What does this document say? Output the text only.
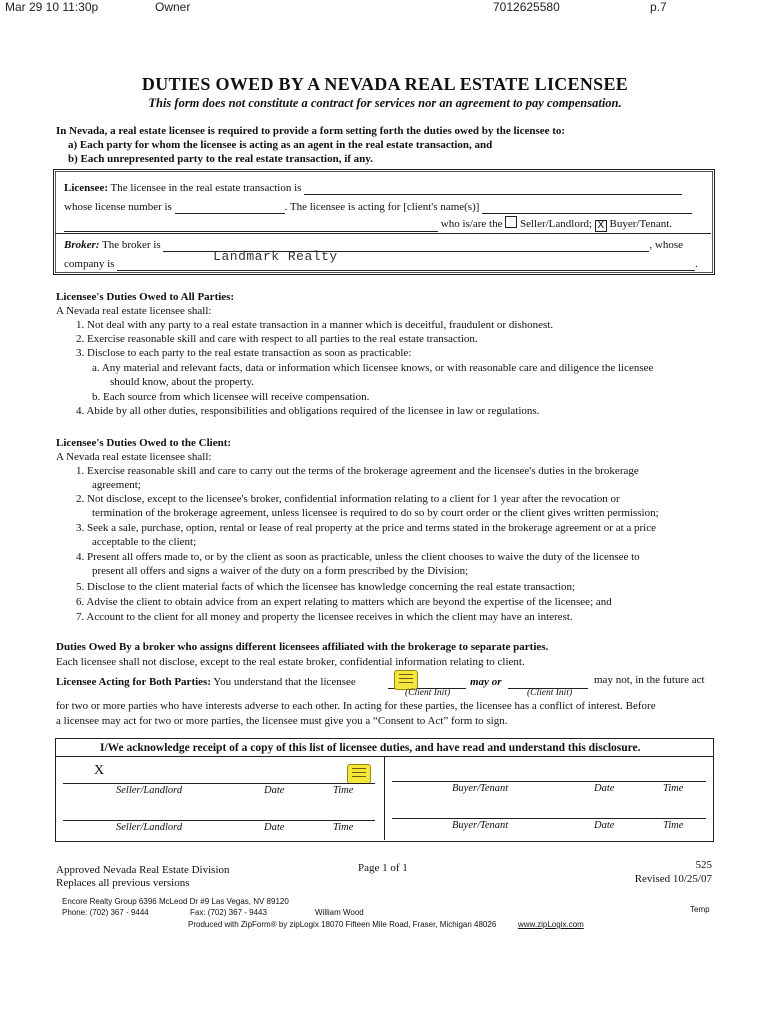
Mar 29 10 11:30p	Owner	7012625580	p.7
DUTIES OWED BY A NEVADA REAL ESTATE LICENSEE
This form does not constitute a contract for services nor an agreement to pay compensation.
In Nevada, a real estate licensee is required to provide a form setting forth the duties owed by the licensee to:
a) Each party for whom the licensee is acting as an agent in the real estate transaction, and
b) Each unrepresented party to the real estate transaction, if any.
Licensee: The licensee in the real estate transaction is
whose license number is	. The licensee is acting for [client's name(s)]
who is/are the Seller/Landlord; X Buyer/Tenant.
Broker: The broker is	, whose
company is	Landmark Realty	.
Licensee's Duties Owed to All Parties:
A Nevada real estate licensee shall:
1. Not deal with any party to a real estate transaction in a manner which is deceitful, fraudulent or dishonest.
2. Exercise reasonable skill and care with respect to all parties to the real estate transaction.
3. Disclose to each party to the real estate transaction as soon as practicable:
a. Any material and relevant facts, data or information which licensee knows, or with reasonable care and diligence the licensee
should know, about the property.
b. Each source from which licensee will receive compensation.
4. Abide by all other duties, responsibilities and obligations required of the licensee in law or regulations.
Licensee's Duties Owed to the Client:
A Nevada real estate licensee shall:
1. Exercise reasonable skill and care to carry out the terms of the brokerage agreement and the licensee's duties in the brokerage
agreement;
2. Not disclose, except to the licensee's broker, confidential information relating to a client for 1 year after the revocation or
termination of the brokerage agreement, unless licensee is required to do so by court order or the client gives written permission;
3. Seek a sale, purchase, option, rental or lease of real property at the price and terms stated in the brokerage agreement or at a price
acceptable to the client;
4. Present all offers made to, or by the client as soon as practicable, unless the client chooses to waive the duty of the licensee to
present all offers and signs a waiver of the duty on a form prescribed by the Division;
5. Disclose to the client material facts of which the licensee has knowledge concerning the real estate transaction;
6. Advise the client to obtain advice from an expert relating to matters which are beyond the expertise of the licensee; and
7. Account to the client for all money and property the licensee receives in which the client may have an interest.
Duties Owed By a broker who assigns different licensees affiliated with the brokerage to separate parties.
Each licensee shall not disclose, except to the real estate broker, confidential information relating to client.
Licensee Acting for Both Parties: You understand that the licensee
(Client Init)
may or
(Client Init)
may not, in the future act
for two or more parties who have interests adverse to each other. In acting for these parties, the licensee has a conflict of interest. Before
a licensee may act for two or more parties, the licensee must give you a “Consent to Act” form to sign.
I/We acknowledge receipt of a copy of this list of licensee duties, and have read and understand this disclosure.
X
Seller/Landlord	Date	Time	Buyer/Tenant	Date	Time
Seller/Landlord	Date	Time	Buyer/Tenant	Date	Time
Approved Nevada Real Estate Division
Replaces all previous versions
Page 1 of 1	525
Revised 10/25/07
Encore Realty Group 6396 McLeod Dr #9 Las Vegas, NV 89120
Phone: (702) 367 - 9444	Fax: (702) 367 - 9443	William Wood	Temp
Produced with ZipForm® by zipLogix 18070 Fifteen Mile Road, Fraser, Michigan 48026	www.zipLogix.com
